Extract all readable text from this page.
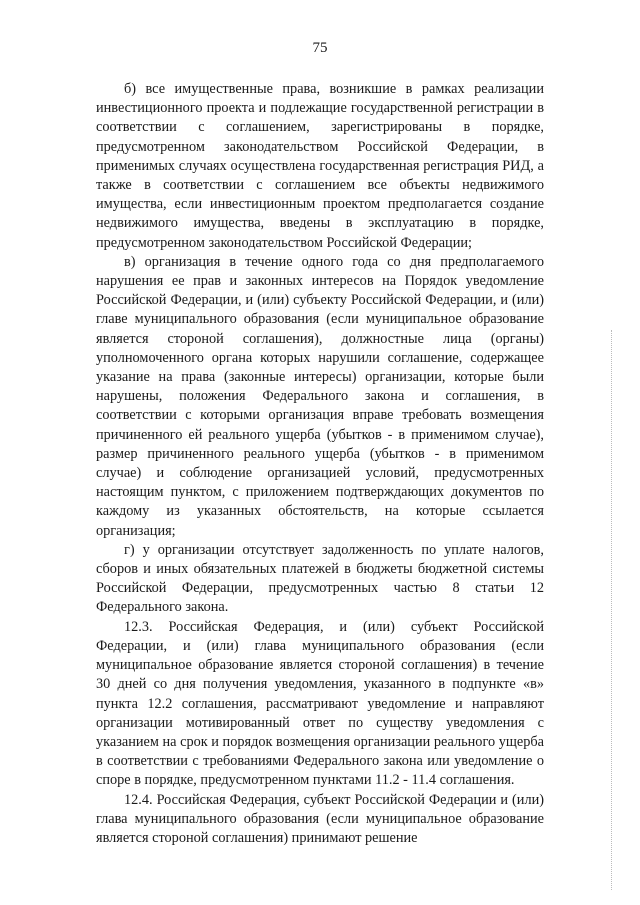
75

б) все имущественные права, возникшие в рамках реализации инвестиционного проекта и подлежащие государственной регистрации в соответствии с соглашением, зарегистрированы в порядке, предусмотренном законодательством Российской Федерации, в применимых случаях осуществлена государственная регистрация РИД, а также в соответствии с соглашением все объекты недвижимого имущества, если инвестиционным проектом предполагается создание недвижимого имущества, введены в эксплуатацию в порядке, предусмотренном законодательством Российской Федерации;

в) организация в течение одного года со дня предполагаемого нарушения ее прав и законных интересов на Порядок уведомление Российской Федерации, и (или) субъекту Российской Федерации, и (или) главе муниципального образования (если муниципальное образование является стороной соглашения), должностные лица (органы) уполномоченного органа которых нарушили соглашение, содержащее указание на права (законные интересы) организации, которые были нарушены, положения Федерального закона и соглашения, в соответствии с которыми организация вправе требовать возмещения причиненного ей реального ущерба (убытков - в применимом случае), размер причиненного реального ущерба (убытков - в применимом случае) и соблюдение организацией условий, предусмотренных настоящим пунктом, с приложением подтверждающих документов по каждому из указанных обстоятельств, на которые ссылается организация;

г) у организации отсутствует задолженность по уплате налогов, сборов и иных обязательных платежей в бюджеты бюджетной системы Российской Федерации, предусмотренных частью 8 статьи 12 Федерального закона.

12.3. Российская Федерация, и (или) субъект Российской Федерации, и (или) глава муниципального образования (если муниципальное образование является стороной соглашения) в течение 30 дней со дня получения уведомления, указанного в подпункте «в» пункта 12.2 соглашения, рассматривают уведомление и направляют организации мотивированный ответ по существу уведомления с указанием на срок и порядок возмещения организации реального ущерба в соответствии с требованиями Федерального закона или уведомление о споре в порядке, предусмотренном пунктами 11.2 - 11.4 соглашения.

12.4. Российская Федерация, субъект Российской Федерации и (или) глава муниципального образования (если муниципальное образование является стороной соглашения) принимают решение
